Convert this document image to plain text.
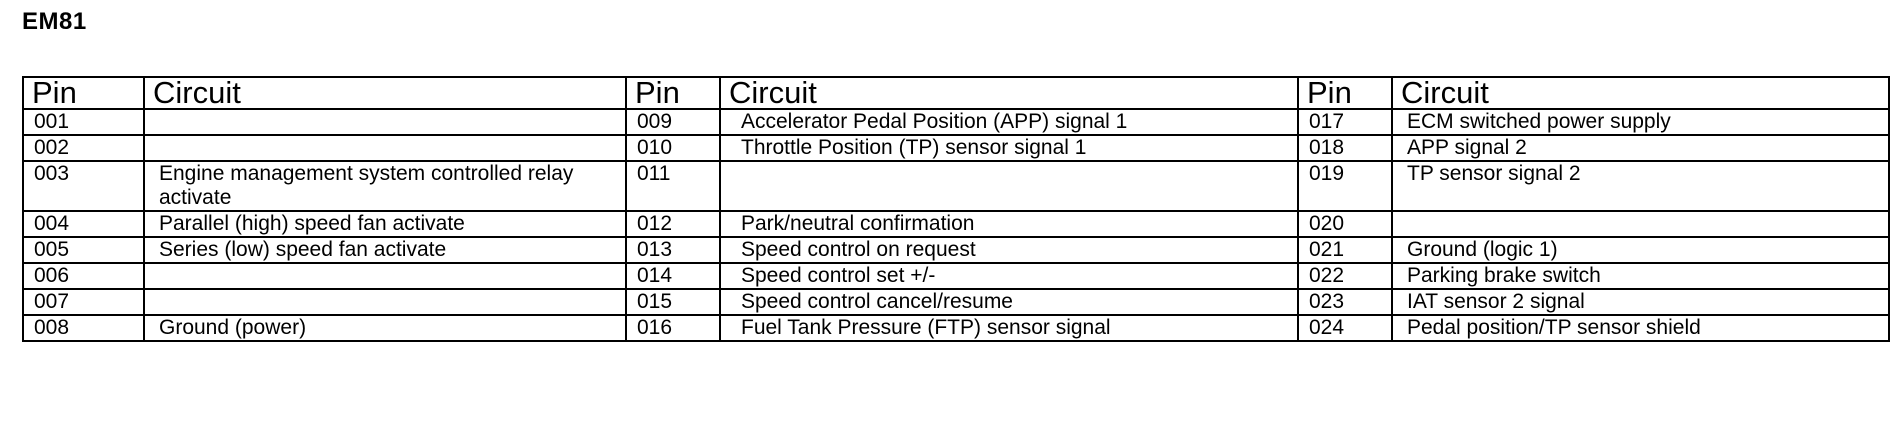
EM81
Pin	Circuit	Pin	Circuit	Pin	Circuit
001		009	Accelerator Pedal Position (APP) signal 1	017	ECM switched power supply
002		010	Throttle Position (TP) sensor signal 1	018	APP signal 2
003	Engine management system controlled relay activate	011		019	TP sensor signal 2
004	Parallel (high) speed fan activate	012	Park/neutral confirmation	020	
005	Series (low) speed fan activate	013	Speed control on request	021	Ground (logic 1)
006		014	Speed control set +/-	022	Parking brake switch
007		015	Speed control cancel/resume	023	IAT sensor 2 signal
008	Ground (power)	016	Fuel Tank Pressure (FTP) sensor signal	024	Pedal position/TP sensor shield
